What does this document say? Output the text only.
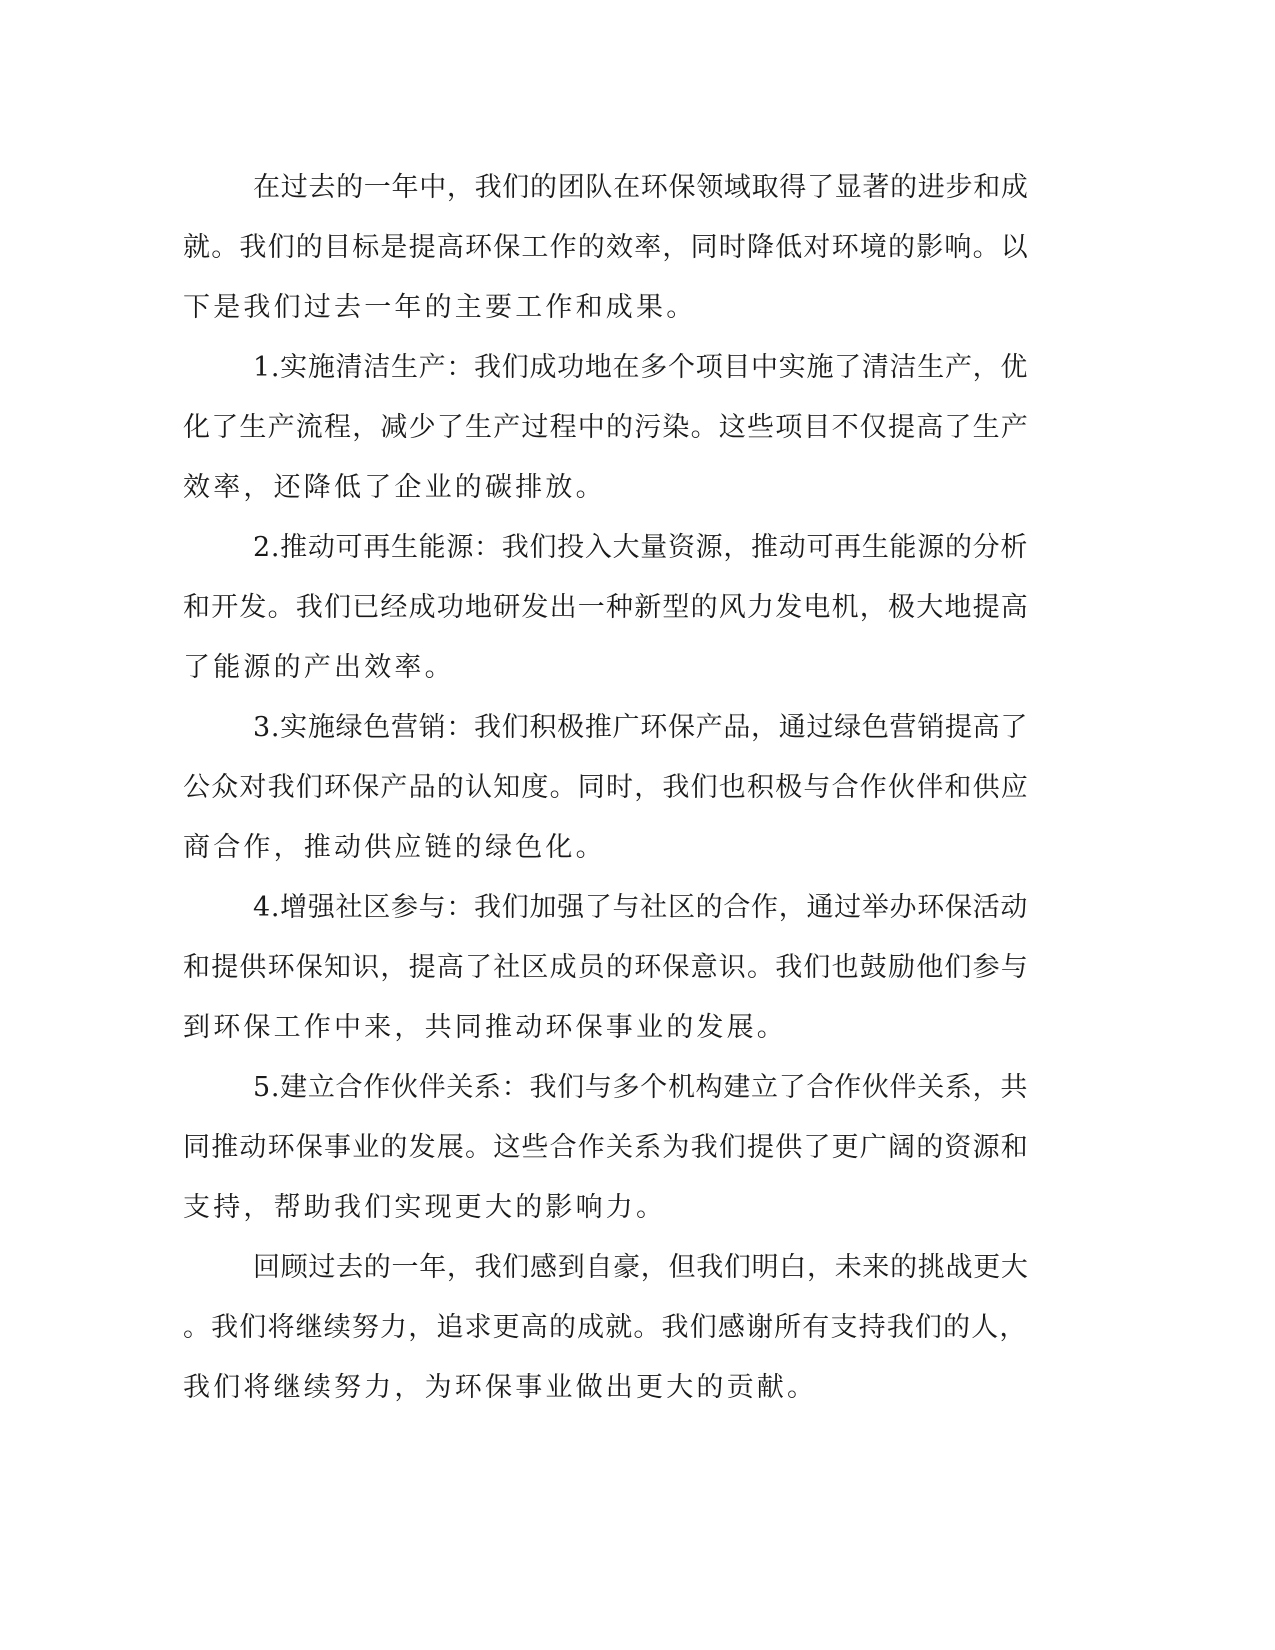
在过去的一年中，我们的团队在环保领域取得了显著的进步和成
就。我们的目标是提高环保工作的效率，同时降低对环境的影响。以
下是我们过去一年的主要工作和成果。
1.实施清洁生产：我们成功地在多个项目中实施了清洁生产，优
化了生产流程，减少了生产过程中的污染。这些项目不仅提高了生产
效率，还降低了企业的碳排放。
2.推动可再生能源：我们投入大量资源，推动可再生能源的分析
和开发。我们已经成功地研发出一种新型的风力发电机，极大地提高
了能源的产出效率。
3.实施绿色营销：我们积极推广环保产品，通过绿色营销提高了
公众对我们环保产品的认知度。同时，我们也积极与合作伙伴和供应
商合作，推动供应链的绿色化。
4.增强社区参与：我们加强了与社区的合作，通过举办环保活动
和提供环保知识，提高了社区成员的环保意识。我们也鼓励他们参与
到环保工作中来，共同推动环保事业的发展。
5.建立合作伙伴关系：我们与多个机构建立了合作伙伴关系，共
同推动环保事业的发展。这些合作关系为我们提供了更广阔的资源和
支持，帮助我们实现更大的影响力。
回顾过去的一年，我们感到自豪，但我们明白，未来的挑战更大
。我们将继续努力，追求更高的成就。我们感谢所有支持我们的人，
我们将继续努力，为环保事业做出更大的贡献。
